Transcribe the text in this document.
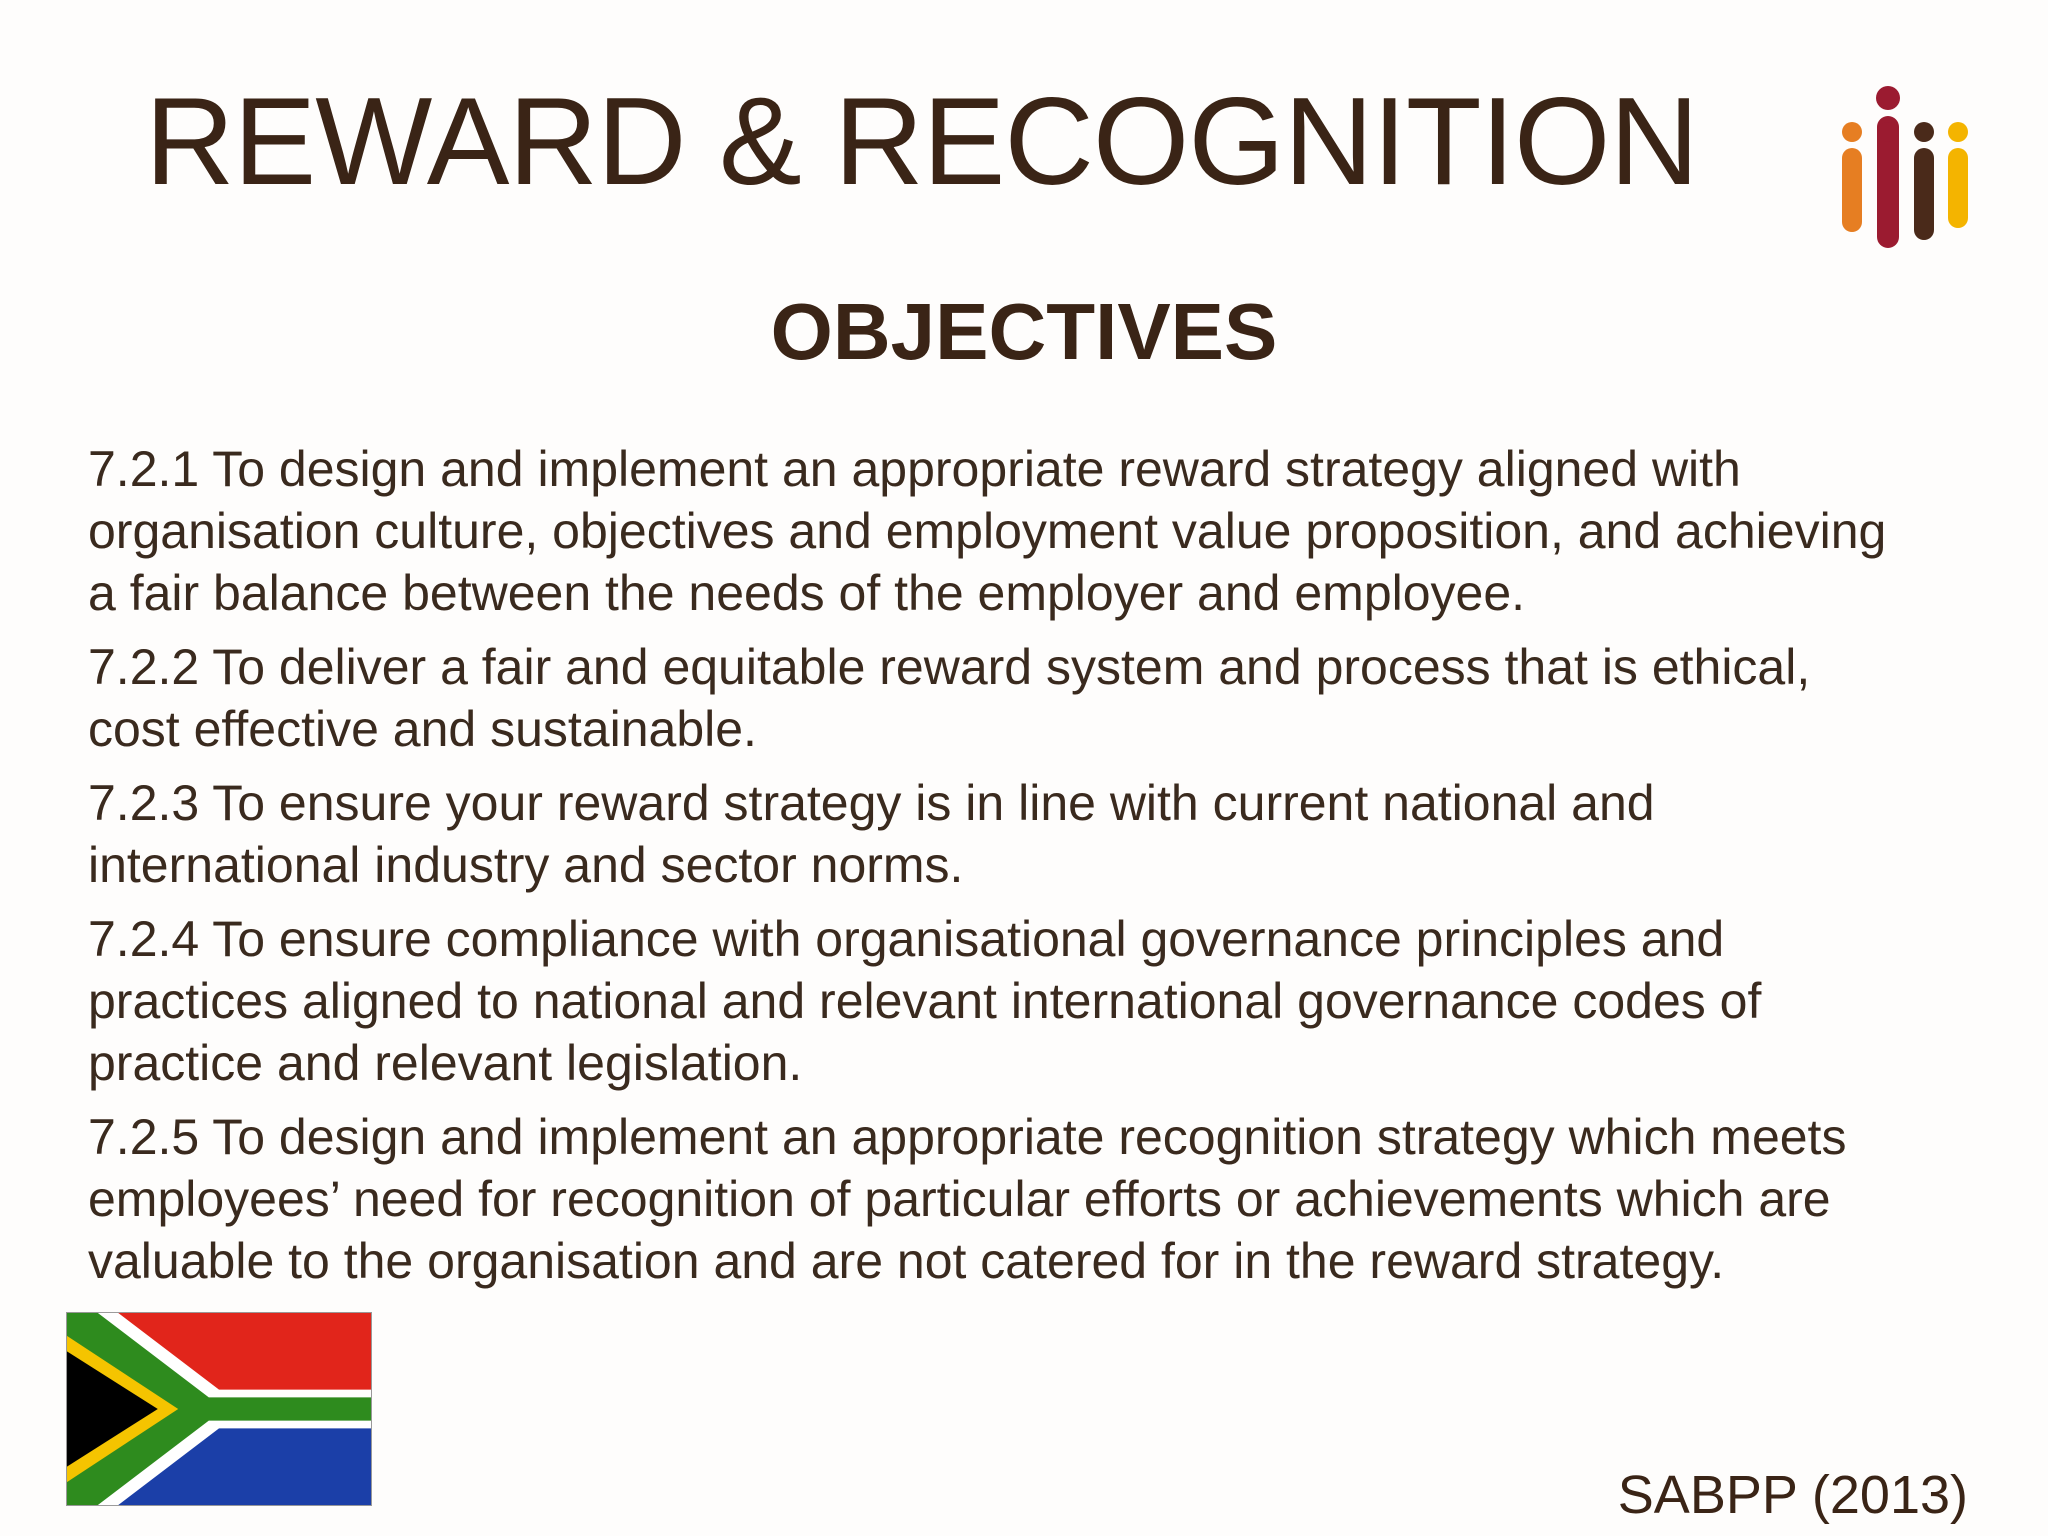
REWARD & RECOGNITION
OBJECTIVES
7.2.1 To design and implement an appropriate reward strategy aligned with
organisation culture, objectives and employment value proposition, and achieving
a fair balance between the needs of the employer and employee.
7.2.2 To deliver a fair and equitable reward system and process that is ethical,
cost effective and sustainable.
7.2.3 To ensure your reward strategy is in line with current national and
international industry and sector norms.
7.2.4 To ensure compliance with organisational governance principles and
practices aligned to national and relevant international governance codes of
practice and relevant legislation.
7.2.5 To design and implement an appropriate recognition strategy which meets
employees’ need for recognition of particular efforts or achievements which are
valuable to the organisation and are not catered for in the reward strategy.
SABPP (2013)
